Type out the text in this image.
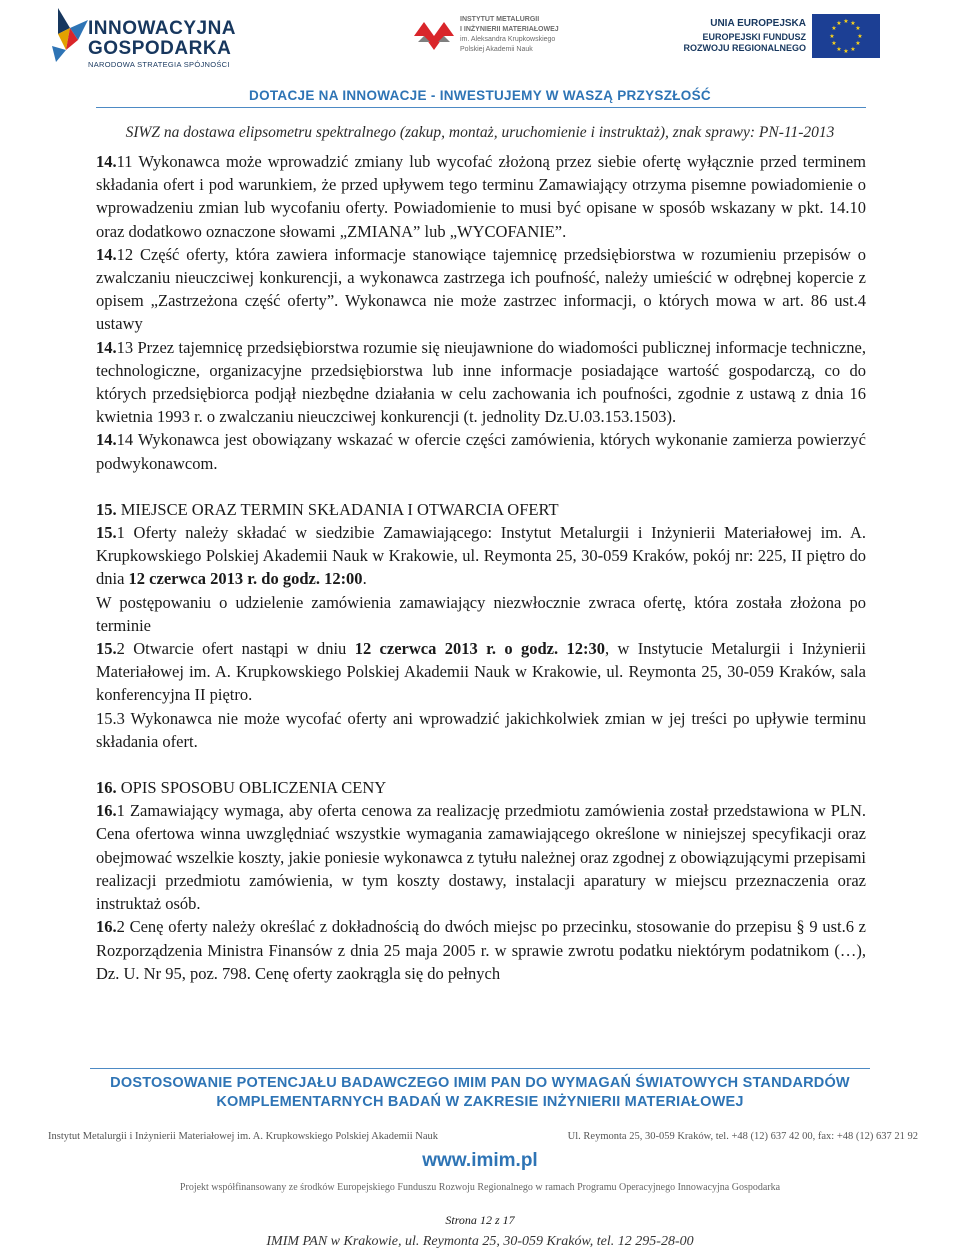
INNOWACYJNA
GOSPODARKA
NARODOWA STRATEGIA SPÓJNOŚCI
INSTYTUT METALURGII
I INŻYNIERII MATERIAŁOWEJ
im. Aleksandra Krupkowskiego
Polskiej Akademii Nauk
UNIA EUROPEJSKA
EUROPEJSKI FUNDUSZ
ROZWOJU REGIONALNEGO
★ ★
★
★
★
★
★
★
★
★
★
★
DOTACJE NA INNOWACJE - INWESTUJEMY W WASZĄ PRZYSZŁOŚĆ
SIWZ na dostawa elipsometru spektralnego (zakup, montaż, uruchomienie i instruktaż), znak sprawy: PN-11-2013

14.11 Wykonawca może wprowadzić zmiany lub wycofać złożoną przez siebie ofertę wyłącznie przed terminem składania ofert i pod warunkiem, że przed upływem tego terminu Zamawiający otrzyma pisemne powiadomienie o wprowadzeniu zmian lub wycofaniu oferty. Powiadomienie to musi być opisane w sposób wskazany w pkt. 14.10 oraz dodatkowo oznaczone słowami „ZMIANA” lub „WYCOFANIE”.

14.12 Część oferty, która zawiera informacje stanowiące tajemnicę przedsiębiorstwa w rozumieniu przepisów o zwalczaniu nieuczciwej konkurencji, a wykonawca zastrzega ich poufność, należy umieścić w odrębnej kopercie z opisem „Zastrzeżona część oferty”. Wykonawca nie może zastrzec informacji, o których mowa w art. 86 ust.4 ustawy

14.13 Przez tajemnicę przedsiębiorstwa rozumie się nieujawnione do wiadomości publicznej informacje techniczne, technologiczne, organizacyjne przedsiębiorstwa lub inne informacje posiadające wartość gospodarczą, co do których przedsiębiorca podjął niezbędne działania w celu zachowania ich poufności, zgodnie z ustawą z dnia 16 kwietnia 1993 r. o zwalczaniu nieuczciwej konkurencji (t. jednolity Dz.U.03.153.1503).

14.14 Wykonawca jest obowiązany wskazać w ofercie części zamówienia, których wykonanie zamierza powierzyć podwykonawcom.

15. MIEJSCE ORAZ TERMIN SKŁADANIA I OTWARCIA OFERT

15.1 Oferty należy składać w siedzibie Zamawiającego: Instytut Metalurgii i Inżynierii Materiałowej im. A. Krupkowskiego Polskiej Akademii Nauk w Krakowie, ul. Reymonta 25, 30-059 Kraków, pokój nr: 225, II piętro do dnia 12 czerwca 2013 r. do godz. 12:00.

W postępowaniu o udzielenie zamówienia zamawiający niezwłocznie zwraca ofertę, która została złożona po terminie

15.2 Otwarcie ofert nastąpi w dniu 12 czerwca 2013 r. o godz. 12:30, w Instytucie Metalurgii i Inżynierii Materiałowej im. A. Krupkowskiego Polskiej Akademii Nauk w Krakowie, ul. Reymonta 25, 30-059 Kraków, sala konferencyjna II piętro.

15.3 Wykonawca nie może wycofać oferty ani wprowadzić jakichkolwiek zmian w jej treści po upływie terminu składania ofert.

16. OPIS SPOSOBU OBLICZENIA CENY

16.1 Zamawiający wymaga, aby oferta cenowa za realizację przedmiotu zamówienia został przedstawiona w PLN. Cena ofertowa winna uwzględniać wszystkie wymagania zamawiającego określone w niniejszej specyfikacji oraz obejmować wszelkie koszty, jakie poniesie wykonawca z tytułu należnej oraz zgodnej z obowiązującymi przepisami realizacji przedmiotu zamówienia, w tym koszty dostawy, instalacji aparatury w miejscu przeznaczenia oraz instruktaż osób.

16.2 Cenę oferty należy określać z dokładnością do dwóch miejsc po przecinku, stosowanie do przepisu § 9 ust.6 z Rozporządzenia Ministra Finansów z dnia 25 maja 2005 r. w sprawie zwrotu podatku niektórym podatnikom (…), Dz. U. Nr 95, poz. 798. Cenę oferty zaokrągla się do pełnych

DOSTOSOWANIE POTENCJAŁU BADAWCZEGO IMIM PAN DO WYMAGAŃ ŚWIATOWYCH STANDARDÓW
KOMPLEMENTARNYCH BADAŃ W ZAKRESIE INŻYNIERII MATERIAŁOWEJ
Instytut Metalurgii i Inżynierii Materiałowej im. A. Krupkowskiego Polskiej Akademii Nauk	Ul. Reymonta 25, 30-059 Kraków, tel. +48 (12) 637 42 00, fax: +48 (12) 637 21 92
www.imim.pl
Projekt współfinansowany ze środków Europejskiego Funduszu Rozwoju Regionalnego w ramach Programu Operacyjnego Innowacyjna Gospodarka
Strona 12 z 17
IMIM PAN w Krakowie, ul. Reymonta 25, 30-059 Kraków, tel. 12 295-28-00
